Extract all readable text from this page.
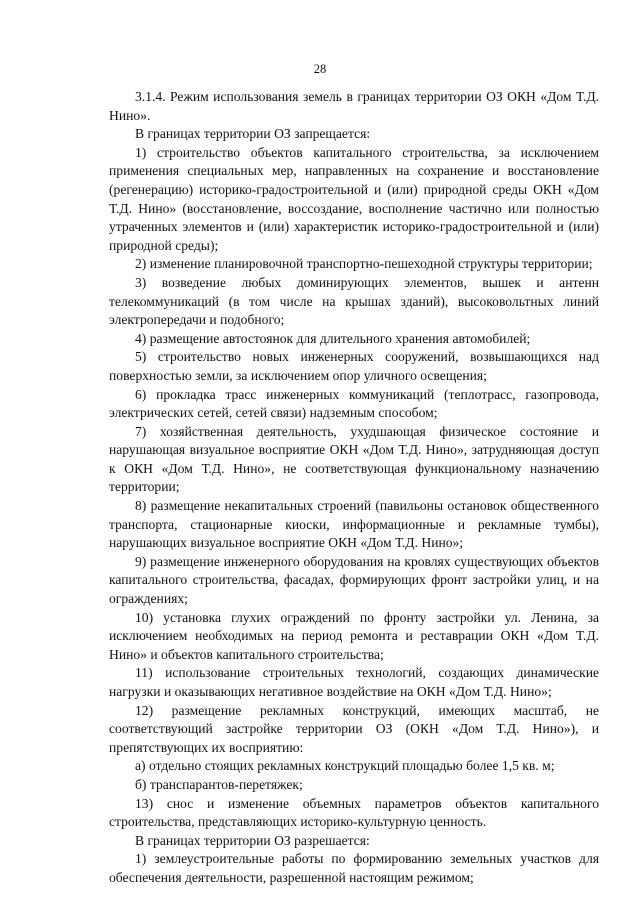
28

3.1.4. Режим использования земель в границах территории ОЗ ОКН «Дом Т.Д. Нино».

В границах территории ОЗ запрещается:

1) строительство объектов капитального строительства, за исключением применения специальных мер, направленных на сохранение и восстановление (регенерацию) историко-градостроительной и (или) природной среды ОКН «Дом Т.Д. Нино» (восстановление, воссоздание, восполнение частично или полностью утраченных элементов и (или) характеристик историко-градостроительной и (или) природной среды);

2) изменение планировочной транспортно-пешеходной структуры территории;

3) возведение любых доминирующих элементов, вышек и антенн телекоммуникаций (в том числе на крышах зданий), высоковольтных линий электропередачи и подобного;

4) размещение автостоянок для длительного хранения автомобилей;

5) строительство новых инженерных сооружений, возвышающихся над поверхностью земли, за исключением опор уличного освещения;

6) прокладка трасс инженерных коммуникаций (теплотрасс, газопровода, электрических сетей, сетей связи) надземным способом;

7) хозяйственная деятельность, ухудшающая физическое состояние и нарушающая визуальное восприятие ОКН «Дом Т.Д. Нино», затрудняющая доступ к ОКН «Дом Т.Д. Нино», не соответствующая функциональному назначению территории;

8) размещение некапитальных строений (павильоны остановок общественного транспорта, стационарные киоски, информационные и рекламные тумбы), нарушающих визуальное восприятие ОКН «Дом Т.Д. Нино»;

9) размещение инженерного оборудования на кровлях существующих объектов капитального строительства, фасадах, формирующих фронт застройки улиц, и на ограждениях;

10) установка глухих ограждений по фронту застройки ул. Ленина, за исключением необходимых на период ремонта и реставрации ОКН «Дом Т.Д. Нино» и объектов капитального строительства;

11) использование строительных технологий, создающих динамические нагрузки и оказывающих негативное воздействие на ОКН «Дом Т.Д. Нино»;

12) размещение рекламных конструкций, имеющих масштаб, не соответствующий застройке территории ОЗ (ОКН «Дом Т.Д. Нино»), и препятствующих их восприятию:

а) отдельно стоящих рекламных конструкций площадью более 1,5 кв. м;

б) транспарантов-перетяжек;

13) снос и изменение объемных параметров объектов капитального строительства, представляющих историко-культурную ценность.

В границах территории ОЗ разрешается:

1) землеустроительные работы по формированию земельных участков для обеспечения деятельности, разрешенной настоящим режимом;
